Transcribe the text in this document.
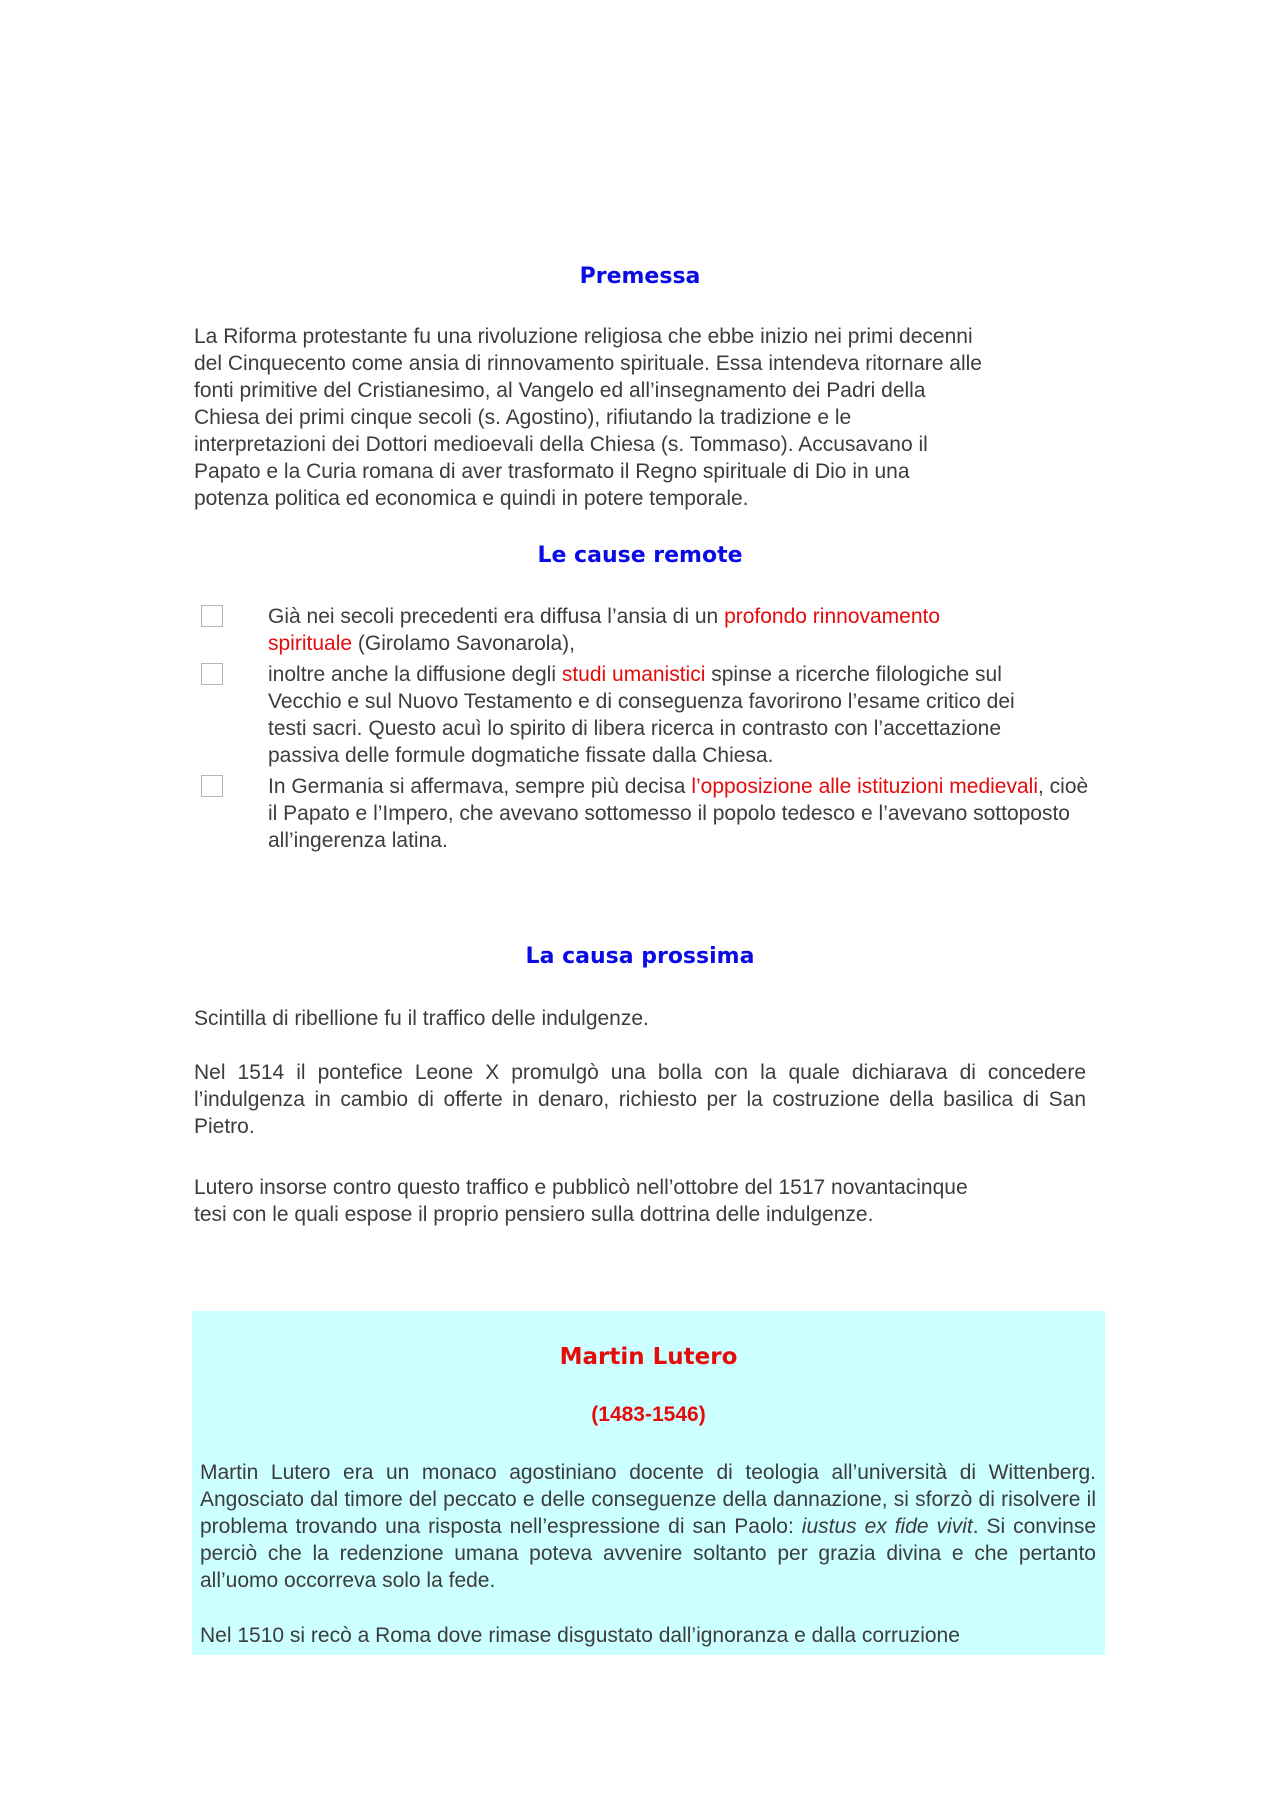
Premessa
La Riforma protestante fu una rivoluzione religiosa che ebbe inizio nei primi decenni
del Cinquecento come ansia di rinnovamento spirituale. Essa intendeva ritornare alle
fonti primitive del Cristianesimo, al Vangelo ed all’insegnamento dei Padri della
Chiesa dei primi cinque secoli (s. Agostino), rifiutando la tradizione e le
interpretazioni dei Dottori medioevali della Chiesa (s. Tommaso). Accusavano il
Papato e la Curia romana di aver trasformato il Regno spirituale di Dio in una
potenza politica ed economica e quindi in potere temporale.
Le cause remote
Già nei secoli precedenti era diffusa l’ansia di un profondo rinnovamento spirituale (Girolamo Savonarola),
inoltre anche la diffusione degli studi umanistici spinse a ricerche filologiche sul Vecchio e sul Nuovo Testamento e di conseguenza favorirono l’esame critico dei testi sacri. Questo acuì lo spirito di libera ricerca in contrasto con l’accettazione passiva delle formule dogmatiche fissate dalla Chiesa.
In Germania si affermava, sempre più decisa l’opposizione alle istituzioni medievali, cioè il Papato e l’Impero, che avevano sottomesso il popolo tedesco e l’avevano sottoposto all’ingerenza latina.
La causa prossima

Scintilla di ribellione fu il traffico delle indulgenze.

Nel 1514 il pontefice Leone X promulgò una bolla con la quale dichiarava di concedere l’indulgenza in cambio di offerte in denaro, richiesto per la costruzione della basilica di San Pietro.

Lutero insorse contro questo traffico e pubblicò nell’ottobre del 1517 novantacinque
tesi con le quali espose il proprio pensiero sulla dottrina delle indulgenze.
Martin Lutero
(1483-1546)

Martin Lutero era un monaco agostiniano docente di teologia all’università di Wittenberg. Angosciato dal timore del peccato e delle conseguenze della dannazione, si sforzò di risolvere il problema trovando una risposta nell’espressione di san Paolo: iustus ex fide vivit. Si convinse perciò che la redenzione umana poteva avvenire soltanto per grazia divina e che pertanto all’uomo occorreva solo la fede.

Nel 1510 si recò a Roma dove rimase disgustato dall’ignoranza e dalla corruzione
